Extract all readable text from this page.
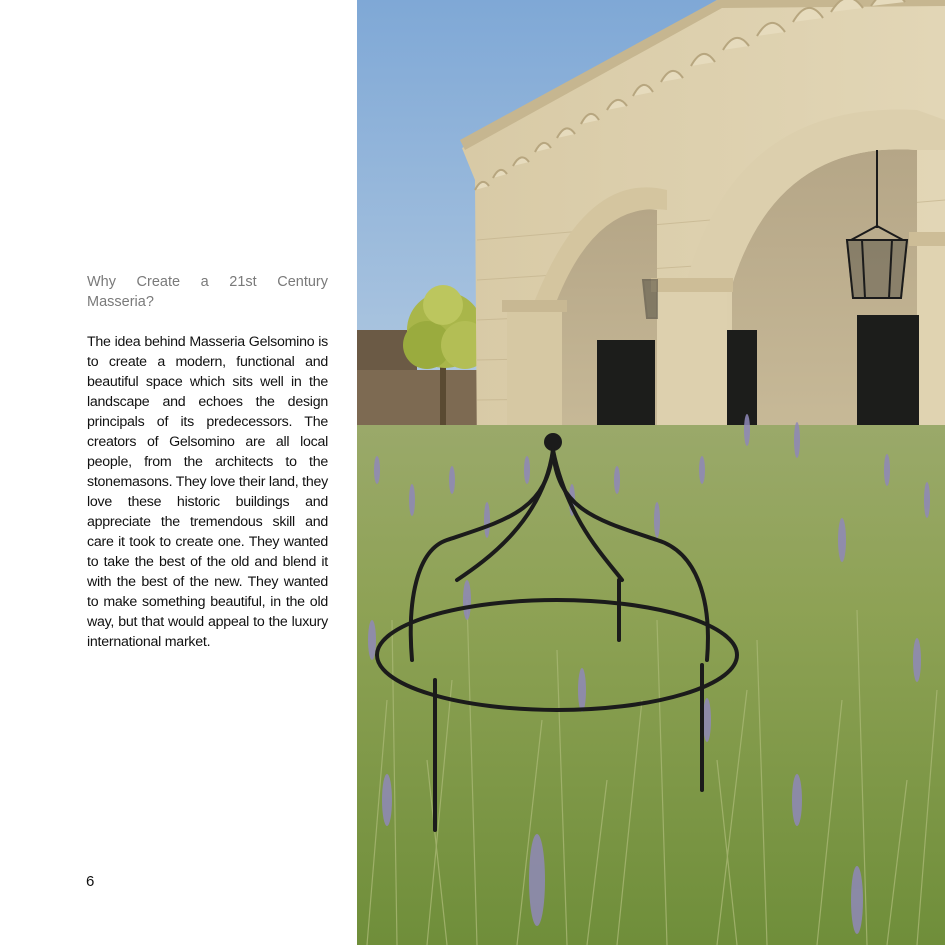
Why Create a 21st Century Masseria?

The idea behind Masseria Gelsomino is to create a modern, functional and beautiful space which sits well in the landscape and echoes the design principals of its predecessors. The creators of Gelsomino are all local people, from the architects to the stonemasons. They love their land, they love these historic buildings and appreciate the tremendous skill and care it took to create one. They wanted to take the best of the old and blend it with the best of the new. They wanted to make something beautiful, in the old way, but that would appeal to the luxury international market.

6
